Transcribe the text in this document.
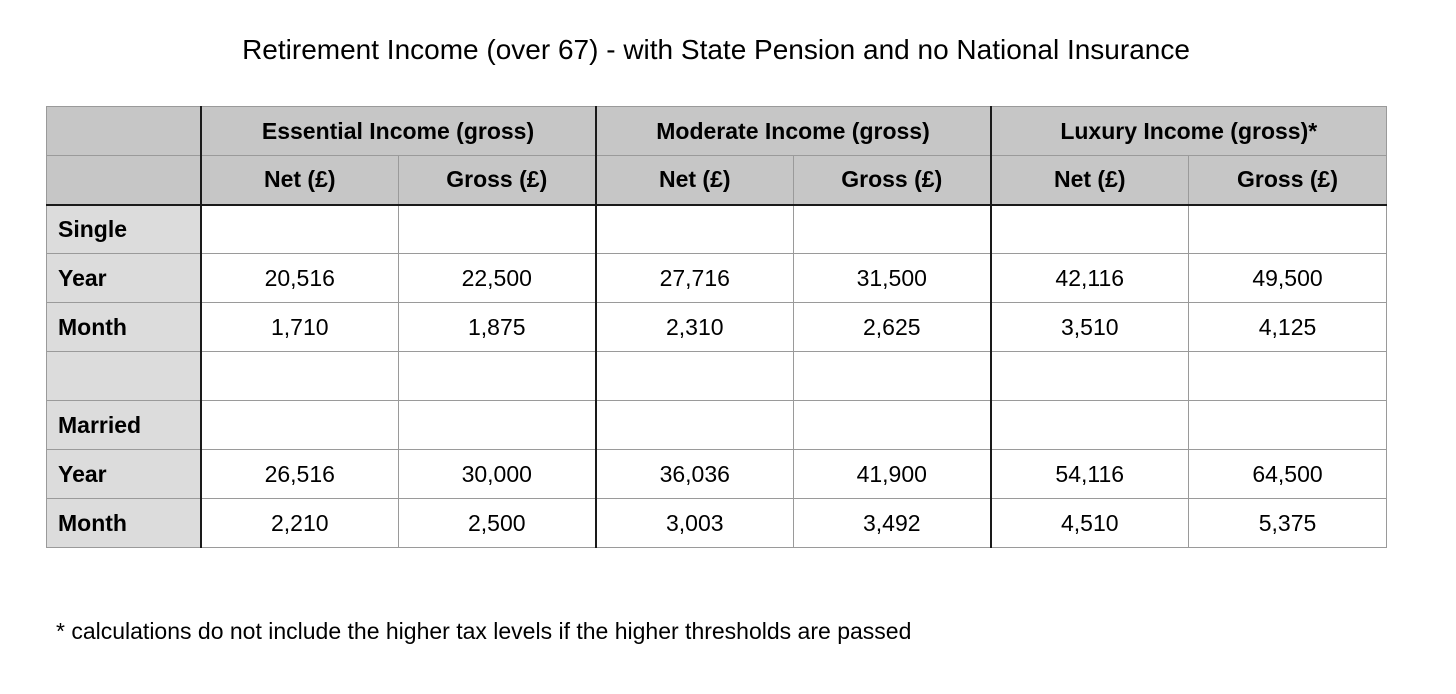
Retirement Income (over 67) - with State Pension and no National Insurance
	Essential Income (gross)		Moderate Income (gross)		Luxury Income (gross)*	
	Net (£)	Gross (£)	Net (£)	Gross (£)	Net (£)	Gross (£)
Single						
Year	20,516	22,500	27,716	31,500	42,116	49,500
Month	1,710	1,875	2,310	2,625	3,510	4,125

Married						
Year	26,516	30,000	36,036	41,900	54,116	64,500
Month	2,210	2,500	3,003	3,492	4,510	5,375
* calculations do not include the higher tax levels if the higher thresholds are passed
